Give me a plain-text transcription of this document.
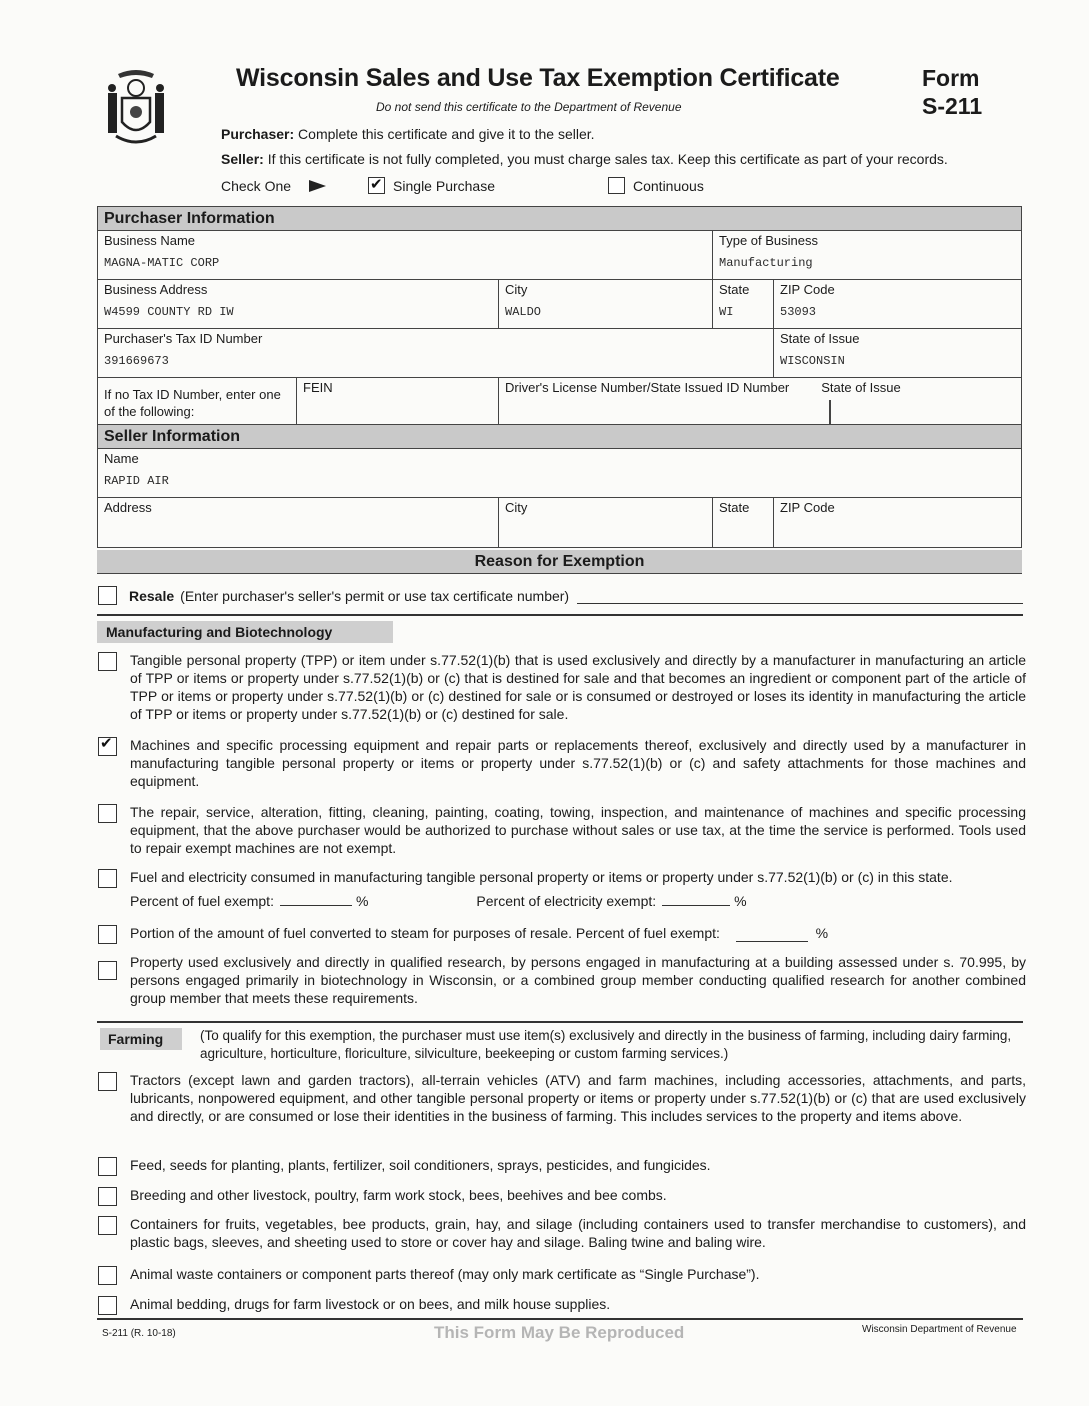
Wisconsin Sales and Use Tax Exemption Certificate
Do not send this certificate to the Department of Revenue
Form
S-211
Purchaser: Complete this certificate and give it to the seller.
Seller: If this certificate is not fully completed, you must charge sales tax. Keep this certificate as part of your records.
Check One ✔	Single Purchase	Continuous
Purchaser Information
Business Name
MAGNA-MATIC CORP
Type of Business
Manufacturing
Business Address
W4599 COUNTY RD IW
City
WALDO
State
WI
ZIP Code
53093
Purchaser's Tax ID Number
391669673
State of Issue
WISCONSIN
If no Tax ID Number, enter one of the following:
FEIN	Driver's License Number/State Issued ID Number State of Issue
Seller Information
Name
RAPID AIR
Address	City	State	ZIP Code
Reason for Exemption
Resale (Enter purchaser's seller's permit or use tax certificate number)
Manufacturing and Biotechnology
Tangible personal property (TPP) or item under s.77.52(1)(b) that is used exclusively and directly by a manufacturer in manufacturing an article of TPP or items or property under s.77.52(1)(b) or (c) that is destined for sale and that becomes an ingredient or component part of the article of TPP or items or property under s.77.52(1)(b) or (c) destined for sale or is consumed or destroyed or loses its identity in manufacturing the article of TPP or items or property under s.77.52(1)(b) or (c) destined for sale.
✔
Machines and specific processing equipment and repair parts or replacements thereof, exclusively and directly used by a manufacturer in manufacturing tangible personal property or items or property under s.77.52(1)(b) or (c) and safety attachments for those machines and equipment.
The repair, service, alteration, fitting, cleaning, painting, coating, towing, inspection, and maintenance of machines and specific processing equipment, that the above purchaser would be authorized to purchase without sales or use tax, at the time the service is performed. Tools used to repair exempt machines are not exempt.
Fuel and electricity consumed in manufacturing tangible personal property or items or property under s.77.52(1)(b) or (c) in this state.
Percent of fuel exempt:	%	Percent of electricity exempt:	%
Portion of the amount of fuel converted to steam for purposes of resale. Percent of fuel exempt:	%
Property used exclusively and directly in qualified research, by persons engaged in manufacturing at a building assessed under s. 70.995, by persons engaged primarily in biotechnology in Wisconsin, or a combined group member conducting qualified research for another combined group member that meets these requirements.
Farming	(To qualify for this exemption, the purchaser must use item(s) exclusively and directly in the business of farming, including dairy farming, agriculture, horticulture, floriculture, silviculture, beekeeping or custom farming services.)
Tractors (except lawn and garden tractors), all-terrain vehicles (ATV) and farm machines, including accessories, attachments, and parts, lubricants, nonpowered equipment, and other tangible personal property or items or property under s.77.52(1)(b) or (c) that are used exclusively and directly, or are consumed or lose their identities in the business of farming. This includes services to the property and items above.
Feed, seeds for planting, plants, fertilizer, soil conditioners, sprays, pesticides, and fungicides.
Breeding and other livestock, poultry, farm work stock, bees, beehives and bee combs.
Containers for fruits, vegetables, bee products, grain, hay, and silage (including containers used to transfer merchandise to customers), and plastic bags, sleeves, and sheeting used to store or cover hay and silage. Baling twine and baling wire.
Animal waste containers or component parts thereof (may only mark certificate as “Single Purchase”).
Animal bedding, drugs for farm livestock or on bees, and milk house supplies.
S-211 (R. 10-18)	This Form May Be Reproduced	Wisconsin Department of Revenue
